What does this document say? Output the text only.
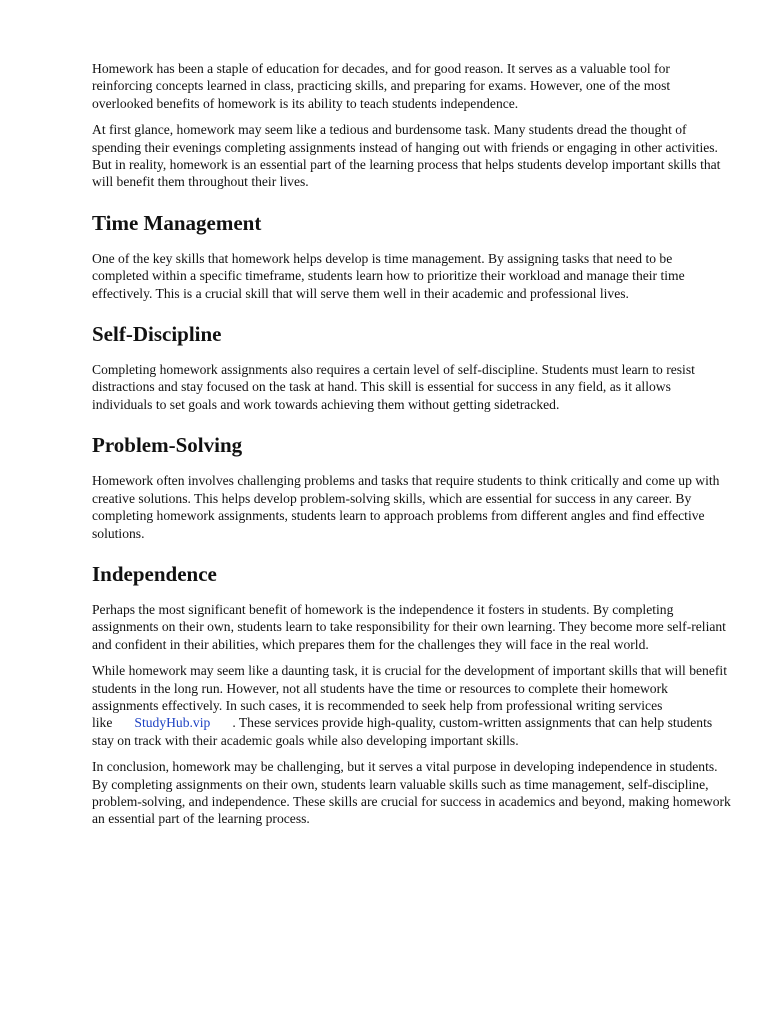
Homework has been a staple of education for decades, and for good reason. It serves as a valuable tool for reinforcing concepts learned in class, practicing skills, and preparing for exams. However, one of the most overlooked benefits of homework is its ability to teach students independence.

At first glance, homework may seem like a tedious and burdensome task. Many students dread the thought of spending their evenings completing assignments instead of hanging out with friends or engaging in other activities. But in reality, homework is an essential part of the learning process that helps students develop important skills that will benefit them throughout their lives.

Time Management

One of the key skills that homework helps develop is time management. By assigning tasks that need to be completed within a specific timeframe, students learn how to prioritize their workload and manage their time effectively. This is a crucial skill that will serve them well in their academic and professional lives.

Self-Discipline

Completing homework assignments also requires a certain level of self-discipline. Students must learn to resist distractions and stay focused on the task at hand. This skill is essential for success in any field, as it allows individuals to set goals and work towards achieving them without getting sidetracked.

Problem-Solving

Homework often involves challenging problems and tasks that require students to think critically and come up with creative solutions. This helps develop problem-solving skills, which are essential for success in any career. By completing homework assignments, students learn to approach problems from different angles and find effective solutions.

Independence

Perhaps the most significant benefit of homework is the independence it fosters in students. By completing assignments on their own, students learn to take responsibility for their own learning. They become more self-reliant and confident in their abilities, which prepares them for the challenges they will face in the real world.

While homework may seem like a daunting task, it is crucial for the development of important skills that will benefit students in the long run. However, not all students have the time or resources to complete their homework assignments effectively. In such cases, it is recommended to seek help from professional writing services like StudyHub.vip . These services provide high-quality, custom-written assignments that can help students stay on track with their academic goals while also developing important skills.

In conclusion, homework may be challenging, but it serves a vital purpose in developing independence in students. By completing assignments on their own, students learn valuable skills such as time management, self-discipline, problem-solving, and independence. These skills are crucial for success in academics and beyond, making homework an essential part of the learning process.
